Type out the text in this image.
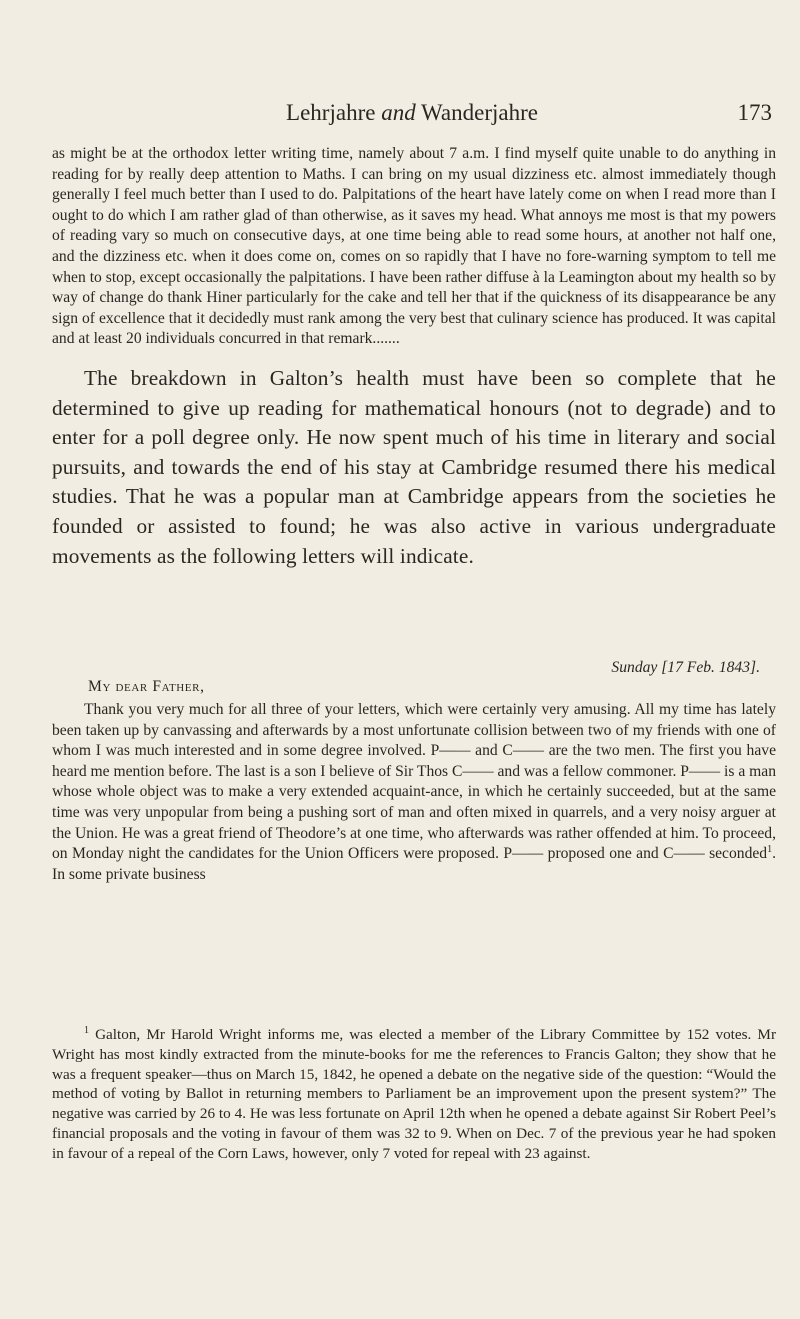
Lehrjahre and Wanderjahre	173

as might be at the orthodox letter writing time, namely about 7 a.m. I find myself quite unable to do anything in reading for by really deep attention to Maths. I can bring on my usual dizziness etc. almost immediately though generally I feel much better than I used to do. Palpitations of the heart have lately come on when I read more than I ought to do which I am rather glad of than otherwise, as it saves my head. What annoys me most is that my powers of reading vary so much on consecutive days, at one time being able to read some hours, at another not half one, and the dizziness etc. when it does come on, comes on so rapidly that I have no fore-warning symptom to tell me when to stop, except occasionally the palpitations. I have been rather diffuse à la Leamington about my health so by way of change do thank Hiner particularly for the cake and tell her that if the quickness of its disappearance be any sign of excellence that it decidedly must rank among the very best that culinary science has produced. It was capital and at least 20 individuals concurred in that remark.......

The breakdown in Galton’s health must have been so complete that he determined to give up reading for mathematical honours (not to degrade) and to enter for a poll degree only. He now spent much of his time in literary and social pursuits, and towards the end of his stay at Cambridge resumed there his medical studies. That he was a popular man at Cambridge appears from the societies he founded or assisted to found; he was also active in various undergraduate movements as the following letters will indicate.

Sunday [17 Feb. 1843].
My dear Father,

Thank you very much for all three of your letters, which were certainly very amusing. All my time has lately been taken up by canvassing and afterwards by a most unfortunate collision between two of my friends with one of whom I was much interested and in some degree involved. P—— and C—— are the two men. The first you have heard me mention before. The last is a son I believe of Sir Thos C—— and was a fellow commoner. P—— is a man whose whole object was to make a very extended acquaint-ance, in which he certainly succeeded, but at the same time was very unpopular from being a pushing sort of man and often mixed in quarrels, and a very noisy arguer at the Union. He was a great friend of Theodore’s at one time, who afterwards was rather offended at him. To proceed, on Monday night the candidates for the Union Officers were proposed. P—— proposed one and C—— seconded$^1$. In some private business

$^1$ Galton, Mr Harold Wright informs me, was elected a member of the Library Committee by 152 votes. Mr Wright has most kindly extracted from the minute-books for me the references to Francis Galton; they show that he was a frequent speaker—thus on March 15, 1842, he opened a debate on the negative side of the question: “Would the method of voting by Ballot in returning members to Parliament be an improvement upon the present system?” The negative was carried by 26 to 4. He was less fortunate on April 12th when he opened a debate against Sir Robert Peel’s financial proposals and the voting in favour of them was 32 to 9. When on Dec. 7 of the previous year he had spoken in favour of a repeal of the Corn Laws, however, only 7 voted for repeal with 23 against.
